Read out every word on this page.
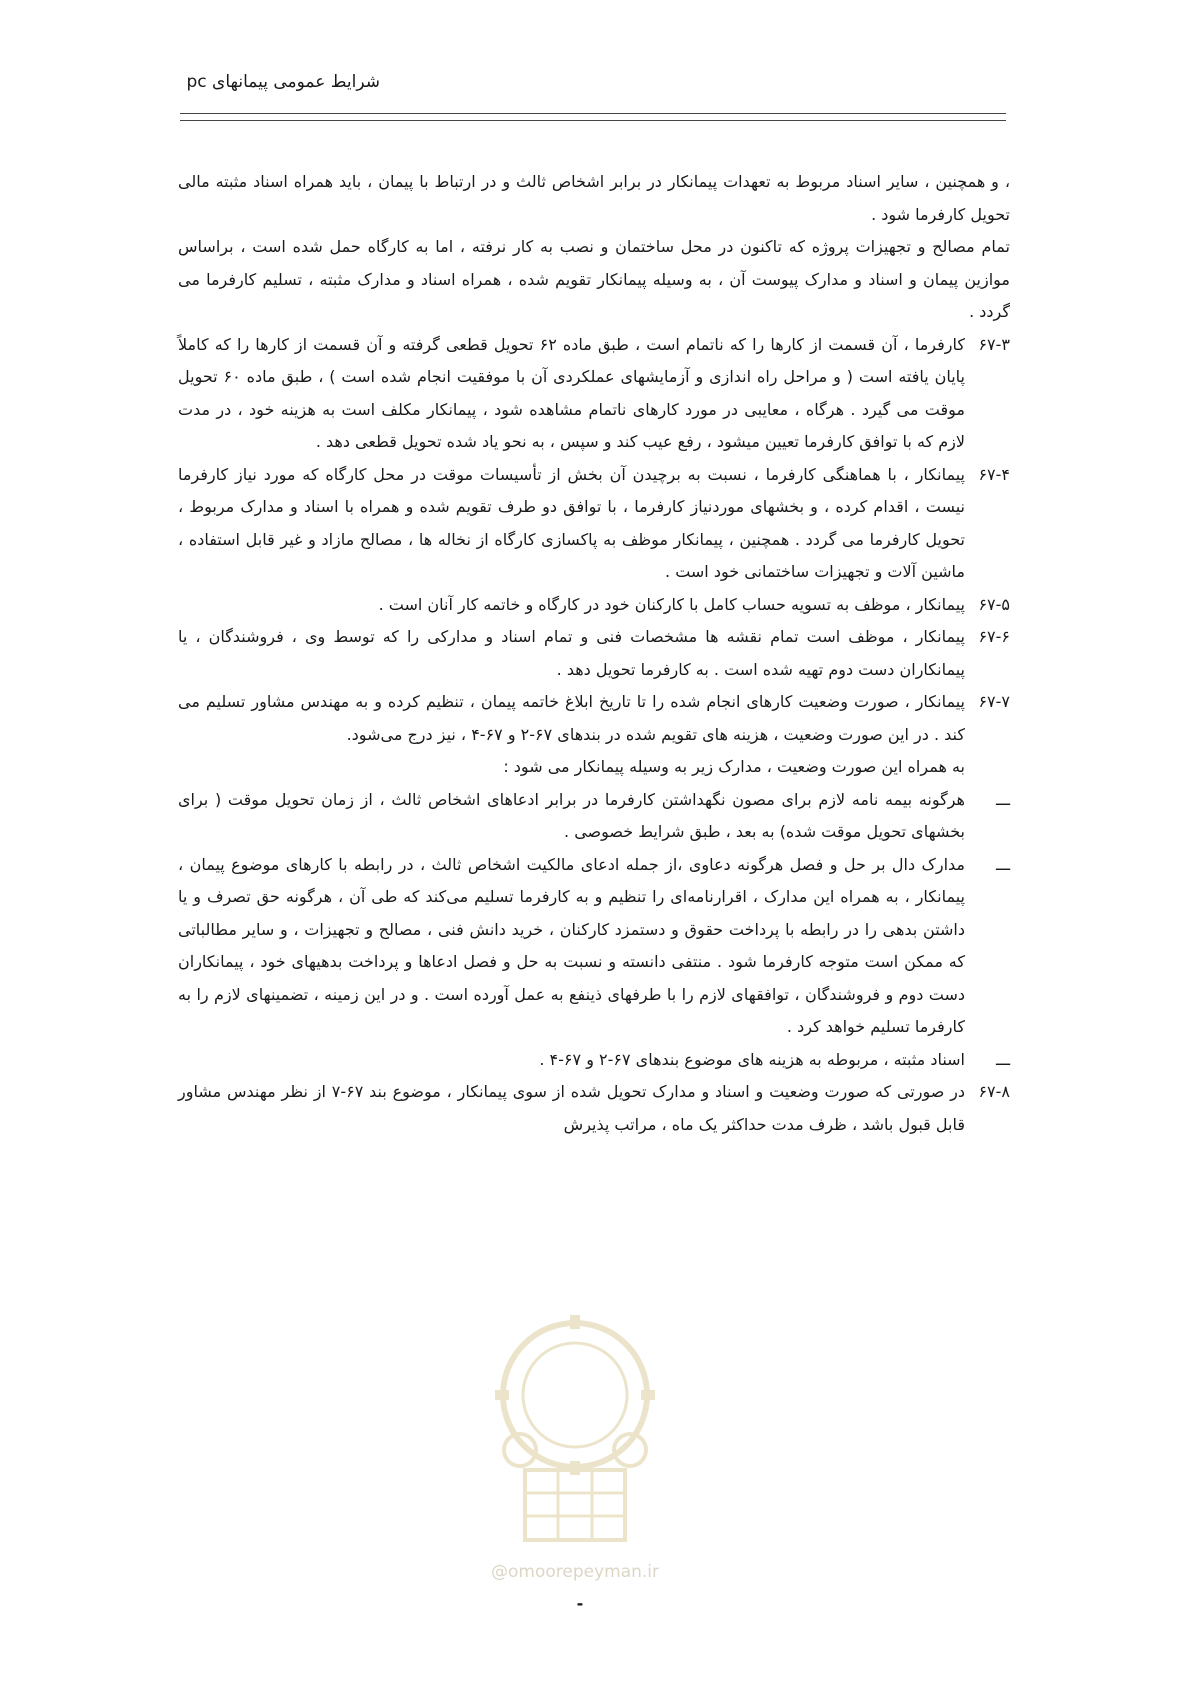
شرایط عمومی پیمانهای pc

، و همچنین ، سایر اسناد مربوط به تعهدات پیمانکار در برابر اشخاص ثالث و در ارتباط با پیمان ، باید همراه اسناد مثبته مالی تحویل کارفرما شود .

تمام مصالح و تجهیزات پروژه که تاکنون در محل ساختمان و نصب به کار نرفته ، اما به کارگاه حمل شده است ، براساس موازین پیمان و اسناد و مدارک پیوست آن ، به وسیله پیمانکار تقویم شده ، همراه اسناد و مدارک مثبته ، تسلیم کارفرما می گردد .

۶۷-۳
کارفرما ، آن قسمت از کارها را که ناتمام است ، طبق ماده ۶۲ تحویل قطعی گرفته و آن قسمت از کارها را که کاملاً پایان یافته است ( و مراحل راه اندازی و آزمایشهای عملکردی آن با موفقیت انجام شده است ) ، طبق ماده ۶۰ تحویل موقت می گیرد . هرگاه ، معایبی در مورد کارهای ناتمام مشاهده شود ، پیمانکار مکلف است به هزینه خود ، در مدت لازم که با توافق کارفرما تعیین میشود ، رفع عیب کند و سپس ، به نحو یاد شده تحویل قطعی دهد .
۶۷-۴
پیمانکار ، با هماهنگی کارفرما ، نسبت به برچیدن آن بخش از تأسیسات موقت در محل کارگاه که مورد نیاز کارفرما نیست ، اقدام کرده ، و بخشهای موردنیاز کارفرما ، با توافق دو طرف تقویم شده و همراه با اسناد و مدارک مربوط ، تحویل کارفرما می گردد . همچنین ، پیمانکار موظف به پاکسازی کارگاه از نخاله ها ، مصالح مازاد و غیر قابل استفاده ، ماشین آلات و تجهیزات ساختمانی خود است .
۶۷-۵
پیمانکار ، موظف به تسویه حساب کامل با کارکنان خود در کارگاه و خاتمه کار آنان است .
۶۷-۶
پیمانکار ، موظف است تمام نقشه ها مشخصات فنی و تمام اسناد و مدارکی را که توسط وی ، فروشندگان ، یا پیمانکاران دست دوم تهیه شده است . به کارفرما تحویل دهد .
۶۷-۷
پیمانکار ، صورت وضعیت کارهای انجام شده را تا تاریخ ابلاغ خاتمه پیمان ، تنظیم کرده و به مهندس مشاور تسلیم می کند . در این صورت وضعیت ، هزینه های تقویم شده در بندهای ۶۷-۲ و ۶۷-۴ ، نیز درج می‌شود.

به همراه این صورت وضعیت ، مدارک زیر به وسیله پیمانکار می شود :

ـــ
هرگونه بیمه نامه لازم برای مصون نگهداشتن کارفرما در برابر ادعاهای اشخاص ثالث ، از زمان تحویل موقت ( برای بخشهای تحویل موقت شده) به بعد ، طبق شرایط خصوصی .
ـــ
مدارک دال بر حل و فصل هرگونه دعاوی ،از جمله ادعای مالکیت اشخاص ثالث ، در رابطه با کارهای موضوع پیمان ، پیمانکار ، به همراه این مدارک ، اقرارنامه‌ای را تنظیم و به کارفرما تسلیم می‌کند که طی آن ، هرگونه حق تصرف و یا داشتن بدهی را در رابطه با پرداخت حقوق و دستمزد کارکنان ، خرید دانش فنی ، مصالح و تجهیزات ، و سایر مطالباتی که ممکن است متوجه کارفرما شود . منتفی دانسته و نسبت به حل و فصل ادعاها و پرداخت بدهیهای خود ، پیمانکاران دست دوم و فروشندگان ، توافقهای لازم را با طرفهای ذینفع به عمل آورده است . و در این زمینه ، تضمینهای لازم را به کارفرما تسلیم خواهد کرد .
ـــ
اسناد مثبته ، مربوطه به هزینه های موضوع بندهای ۶۷-۲ و ۶۷-۴ .
۶۷-۸
در صورتی که صورت وضعیت و اسناد و مدارک تحویل شده از سوی پیمانکار ، موضوع بند ۶۷-۷ از نظر مهندس مشاور قابل قبول باشد ، ظرف مدت حداکثر یک ماه ، مراتب پذیرش
@omoorepeyman.ir
-
